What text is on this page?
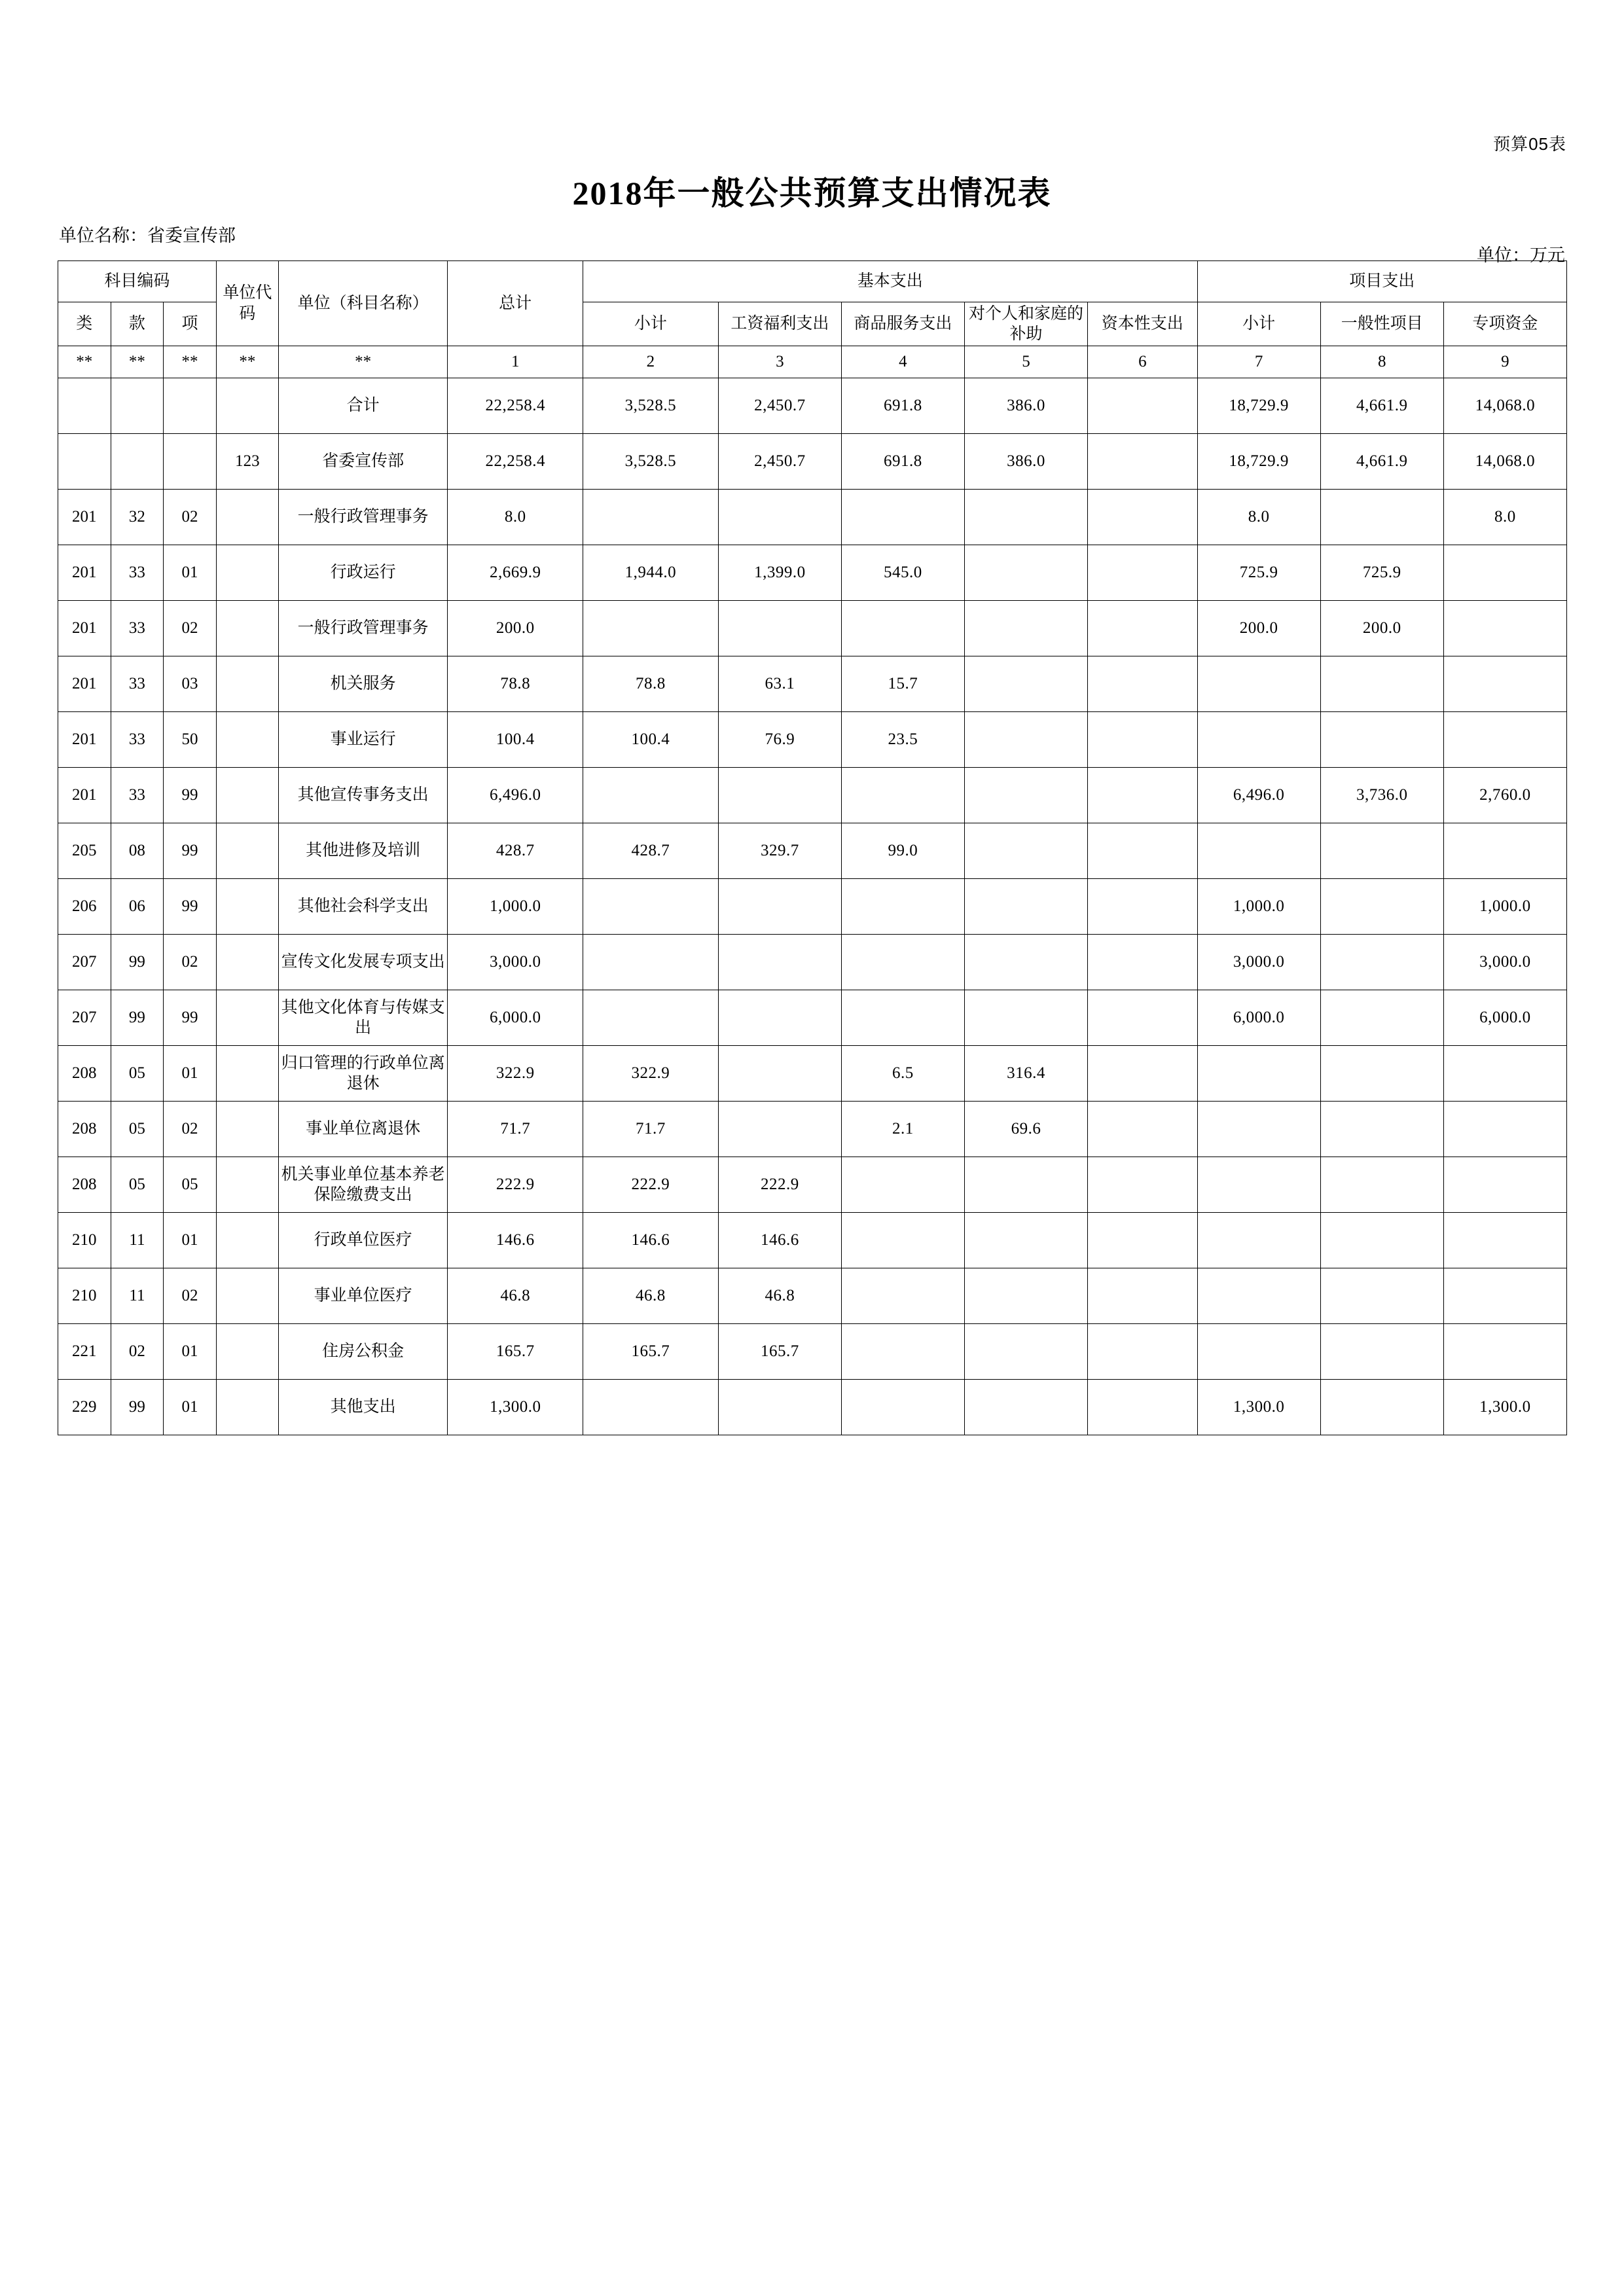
预算05表
2018年一般公共预算支出情况表
单位名称：省委宣传部
单位：万元
科目编码			单位代码	单位（科目名称）	总计	基本支出					项目支出		
类	款	项				小计	工资福利支出	商品服务支出	对个人和家庭的补助	资本性支出	小计	一般性项目	专项资金
**	**	**	**	**	1	2	3	4	5	6	7	8	9
				合计	22,258.4	3,528.5	2,450.7	691.8	386.0		18,729.9	4,661.9	14,068.0
			123	省委宣传部	22,258.4	3,528.5	2,450.7	691.8	386.0		18,729.9	4,661.9	14,068.0
201	32	02		一般行政管理事务	8.0						8.0		8.0
201	33	01		行政运行	2,669.9	1,944.0	1,399.0	545.0			725.9	725.9	
201	33	02		一般行政管理事务	200.0						200.0	200.0	
201	33	03		机关服务	78.8	78.8	63.1	15.7					
201	33	50		事业运行	100.4	100.4	76.9	23.5					
201	33	99		其他宣传事务支出	6,496.0						6,496.0	3,736.0	2,760.0
205	08	99		其他进修及培训	428.7	428.7	329.7	99.0					
206	06	99		其他社会科学支出	1,000.0						1,000.0		1,000.0
207	99	02		宣传文化发展专项支出	3,000.0						3,000.0		3,000.0
207	99	99		其他文化体育与传媒支出	6,000.0						6,000.0		6,000.0
208	05	01		归口管理的行政单位离退休	322.9	322.9		6.5	316.4				
208	05	02		事业单位离退休	71.7	71.7		2.1	69.6				
208	05	05		机关事业单位基本养老保险缴费支出	222.9	222.9	222.9						
210	11	01		行政单位医疗	146.6	146.6	146.6						
210	11	02		事业单位医疗	46.8	46.8	46.8						
221	02	01		住房公积金	165.7	165.7	165.7						
229	99	01		其他支出	1,300.0						1,300.0		1,300.0
